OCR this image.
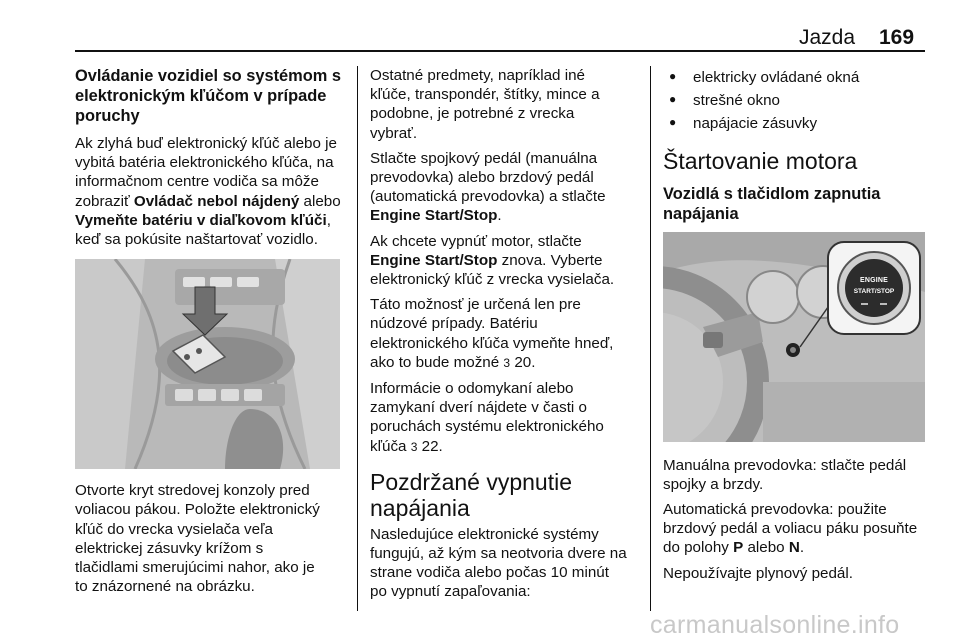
Jazda 169
Ovládanie vozidiel so systémom s
elektronickým kľúčom v prípade
poruchy

Ak zlyhá buď elektronický kľúč alebo je vybitá batéria elektronického kľúča, na informačnom centre vodiča sa môže zobraziť Ovládač nebol nájdený alebo Vymeňte batériu v diaľkovom kľúči, keď sa pokúsite naštartovať vozidlo.

Otvorte kryt stredovej konzoly pred
voliacou pákou. Položte elektronický
kľúč do vrecka vysielača veľa
elektrickej zásuvky krížom s
tlačidlami smerujúcimi nahor, ako je
to znázornené na obrázku.

Ostatné predmety, napríklad iné
kľúče, transpondér, štítky, mince a
podobne, je potrebné z vrecka
vybrať.

Stlačte spojkový pedál (manuálna
prevodovka) alebo brzdový pedál
(automatická prevodovka) a stlačte
Engine Start/Stop.

Ak chcete vypnúť motor, stlačte
Engine Start/Stop znova. Vyberte
elektronický kľúč z vrecka vysielača.

Táto možnosť je určená len pre
núdzové prípady. Batériu
elektronického kľúča vymeňte hneď,
ako to bude možné 3 20.

Informácie o odomykaní alebo
zamykaní dverí nájdete v časti o
poruchách systému elektronického
kľúča 3 22.

Pozdržané vypnutie
napájania

Nasledujúce elektronické systémy
fungujú, až kým sa neotvoria dvere na
strane vodiča alebo počas 10 minút
po vypnutí zapaľovania:

● elektricky ovládané okná
● strešné okno
● napájacie zásuvky
Štartovanie motora
Vozidlá s tlačidlom zapnutia
napájania
ENGINE
START/STOP

Manuálna prevodovka: stlačte pedál
spojky a brzdy.

Automatická prevodovka: použite
brzdový pedál a voliacu páku posuňte
do polohy P alebo N.

Nepoužívajte plynový pedál.

carmanualsonline.info
